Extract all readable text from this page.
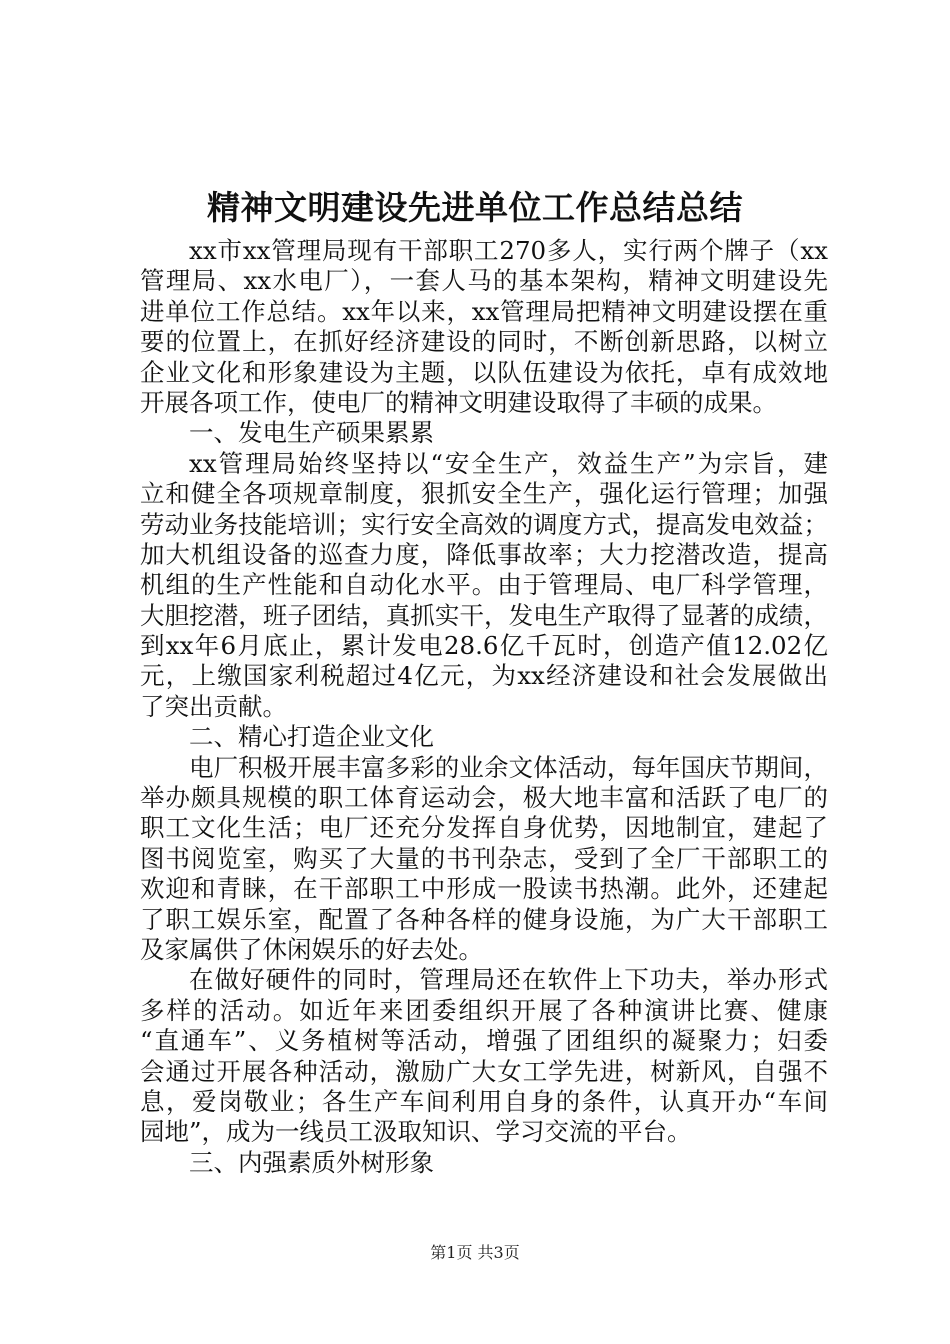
精神文明建设先进单位工作总结总结
xx市xx管理局现有干部职工270多人，实行两个牌子（xx
管理局、xx水电厂），一套人马的基本架构，精神文明建设先
进单位工作总结。xx年以来，xx管理局把精神文明建设摆在重
要的位置上，在抓好经济建设的同时，不断创新思路，以树立
企业文化和形象建设为主题，以队伍建设为依托，卓有成效地
开展各项工作，使电厂的精神文明建设取得了丰硕的成果。
一、发电生产硕果累累
xx管理局始终坚持以“安全生产，效益生产”为宗旨，建
立和健全各项规章制度，狠抓安全生产，强化运行管理；加强
劳动业务技能培训；实行安全高效的调度方式，提高发电效益；
加大机组设备的巡查力度，降低事故率；大力挖潜改造，提高
机组的生产性能和自动化水平。由于管理局、电厂科学管理，
大胆挖潜，班子团结，真抓实干，发电生产取得了显著的成绩，
到xx年6月底止，累计发电28.6亿千瓦时，创造产值12.02亿
元，上缴国家利税超过4亿元，为xx经济建设和社会发展做出
了突出贡献。
二、精心打造企业文化
电厂积极开展丰富多彩的业余文体活动，每年国庆节期间，
举办颇具规模的职工体育运动会，极大地丰富和活跃了电厂的
职工文化生活；电厂还充分发挥自身优势，因地制宜，建起了
图书阅览室，购买了大量的书刊杂志，受到了全厂干部职工的
欢迎和青睐，在干部职工中形成一股读书热潮。此外，还建起
了职工娱乐室，配置了各种各样的健身设施，为广大干部职工
及家属供了休闲娱乐的好去处。
在做好硬件的同时，管理局还在软件上下功夫，举办形式
多样的活动。如近年来团委组织开展了各种演讲比赛、健康
“直通车”、义务植树等活动，增强了团组织的凝聚力；妇委
会通过开展各种活动，激励广大女工学先进，树新风，自强不
息，爱岗敬业；各生产车间利用自身的条件，认真开办“车间
园地”，成为一线员工汲取知识、学习交流的平台。
三、内强素质外树形象
第1页 共3页
